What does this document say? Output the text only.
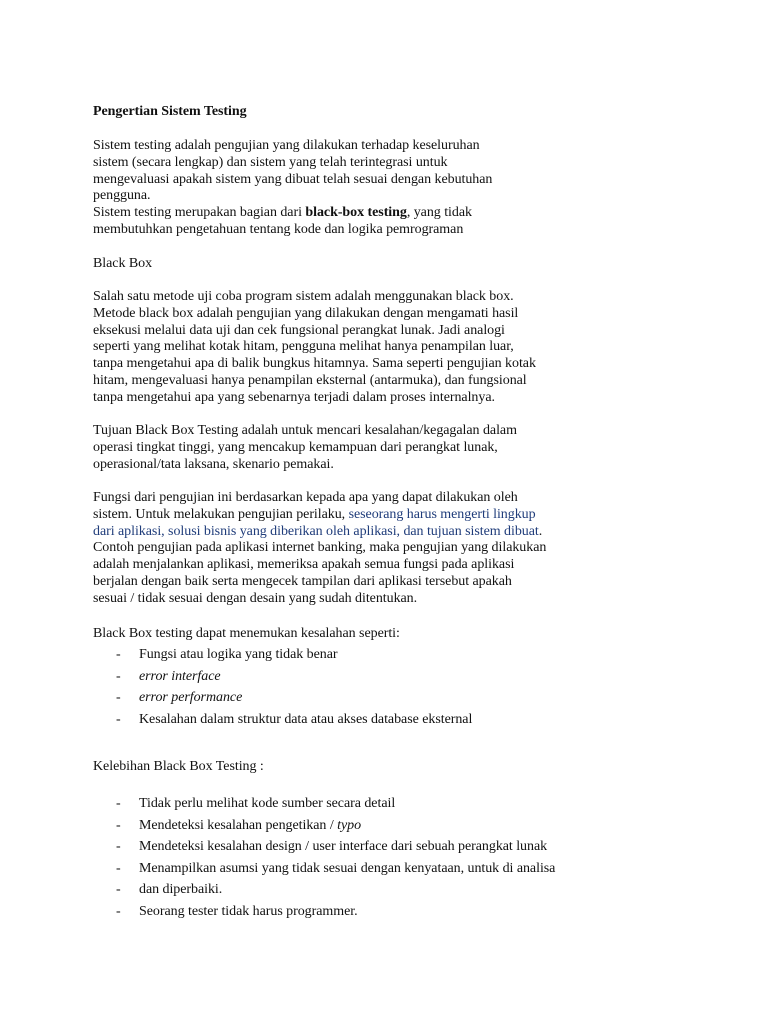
Pengertian Sistem Testing
Sistem testing adalah pengujian yang dilakukan terhadap keseluruhan
sistem (secara lengkap) dan sistem yang telah terintegrasi untuk
mengevaluasi apakah sistem yang dibuat telah sesuai dengan kebutuhan
pengguna.
Sistem testing merupakan bagian dari black-box testing, yang tidak
membutuhkan pengetahuan tentang kode dan logika pemrograman
Black Box
Salah satu metode uji coba program sistem adalah menggunakan black box.
Metode black box adalah pengujian yang dilakukan dengan mengamati hasil
eksekusi melalui data uji dan cek fungsional perangkat lunak. Jadi analogi
seperti yang melihat kotak hitam, pengguna melihat hanya penampilan luar,
tanpa mengetahui apa di balik bungkus hitamnya. Sama seperti pengujian kotak
hitam, mengevaluasi hanya penampilan eksternal (antarmuka), dan fungsional
tanpa mengetahui apa yang sebenarnya terjadi dalam proses internalnya.
Tujuan Black Box Testing adalah untuk mencari kesalahan/kegagalan dalam
operasi tingkat tinggi, yang mencakup kemampuan dari perangkat lunak,
operasional/tata laksana, skenario pemakai.
Fungsi dari pengujian ini berdasarkan kepada apa yang dapat dilakukan oleh
sistem. Untuk melakukan pengujian perilaku, seseorang harus mengerti lingkup
dari aplikasi, solusi bisnis yang diberikan oleh aplikasi, dan tujuan sistem dibuat.
Contoh pengujian pada aplikasi internet banking, maka pengujian yang dilakukan
adalah menjalankan aplikasi, memeriksa apakah semua fungsi pada aplikasi
berjalan dengan baik serta mengecek tampilan dari aplikasi tersebut apakah
sesuai / tidak sesuai dengan desain yang sudah ditentukan.
Black Box testing dapat menemukan kesalahan seperti:
- Fungsi atau logika yang tidak benar
- error interface
- error performance
- Kesalahan dalam struktur data atau akses database eksternal
Kelebihan Black Box Testing :
- Tidak perlu melihat kode sumber secara detail
- Mendeteksi kesalahan pengetikan / typo
- Mendeteksi kesalahan design / user interface dari sebuah perangkat lunak
- Menampilkan asumsi yang tidak sesuai dengan kenyataan, untuk di analisa
- dan diperbaiki.
- Seorang tester tidak harus programmer.
